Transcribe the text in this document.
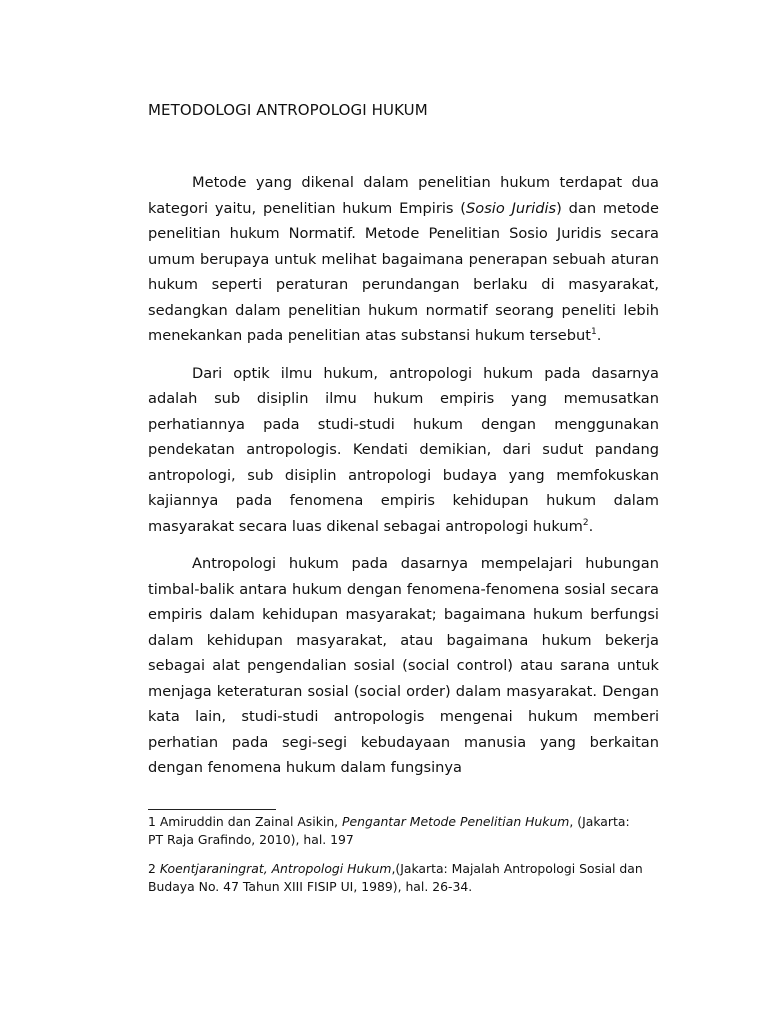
METODOLOGI ANTROPOLOGI HUKUM

Metode yang dikenal dalam penelitian hukum terdapat dua kategori yaitu, penelitian hukum Empiris (Sosio Juridis) dan metode penelitian hukum Normatif. Metode Penelitian Sosio Juridis secara umum berupaya untuk melihat bagaimana penerapan sebuah aturan hukum seperti peraturan perundangan berlaku di masyarakat, sedangkan dalam penelitian hukum normatif seorang peneliti lebih menekankan pada penelitian atas substansi hukum tersebut$^1$.

Dari optik ilmu hukum, antropologi hukum pada dasarnya adalah sub disiplin ilmu hukum empiris yang memusatkan perhatiannya pada studi-studi hukum dengan menggunakan pendekatan antropologis. Kendati demikian, dari sudut pandang antropologi, sub disiplin antropologi budaya yang memfokuskan kajiannya pada fenomena empiris kehidupan hukum dalam masyarakat secara luas dikenal sebagai antropologi hukum$^2$.

Antropologi hukum pada dasarnya mempelajari hubungan timbal-balik antara hukum dengan fenomena-fenomena sosial secara empiris dalam kehidupan masyarakat; bagaimana hukum berfungsi dalam kehidupan masyarakat, atau bagaimana hukum bekerja sebagai alat pengendalian sosial (social control) atau sarana untuk menjaga keteraturan sosial (social order) dalam masyarakat. Dengan kata lain, studi-studi antropologis mengenai hukum memberi perhatian pada segi-segi kebudayaan manusia yang berkaitan dengan fenomena hukum dalam fungsinya

1 Amiruddin dan Zainal Asikin, Pengantar Metode Penelitian Hukum, (Jakarta: PT Raja Grafindo, 2010), hal. 197

2 Koentjaraningrat, Antropologi Hukum,(Jakarta: Majalah Antropologi Sosial dan Budaya No. 47 Tahun XIII FISIP UI, 1989), hal. 26-34.
